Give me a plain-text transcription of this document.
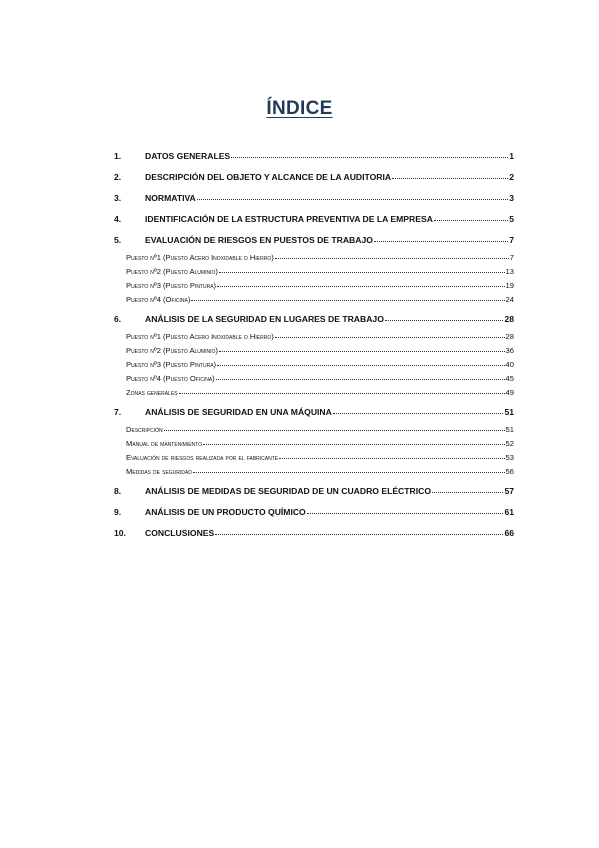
ÍNDICE
1.	DATOS GENERALES	1
2.	DESCRIPCIÓN DEL OBJETO Y ALCANCE DE LA AUDITORIA	2
3.	NORMATIVA	3
4.	IDENTIFICACIÓN DE LA ESTRUCTURA PREVENTIVA DE LA EMPRESA	5
5.	EVALUACIÓN DE RIESGOS EN PUESTOS DE TRABAJO	7
Puesto nº1 (Puesto Acero Inoxidable o Hierro)	7
Puesto nº2 (Puesto Aluminio)	13
Puesto nº3 (Puesto Pintura)	19
Puesto nº4 (Oficina)	24
6.	ANÁLISIS DE LA SEGURIDAD EN LUGARES DE TRABAJO	28
Puesto nº1 (Puesto Acero Inoxidable o Hierro)	28
Puesto nº2 (Puesto Aluminio)	36
Puesto nº3 (Puesto Pintura)	40
Puesto nº4 (Puesto Oficina)	45
Zonas generales	49
7.	ANÁLISIS DE SEGURIDAD EN UNA MÁQUINA	51
Descripción	51
Manual de mantenimiento	52
Evaluación de riesgos realizada por el fabricante	53
Medidas de seguridad	56
8.	ANÁLISIS DE MEDIDAS DE SEGURIDAD DE UN CUADRO ELÉCTRICO	57
9.	ANÁLISIS DE UN PRODUCTO QUÍMICO	61
10.	CONCLUSIONES	66
